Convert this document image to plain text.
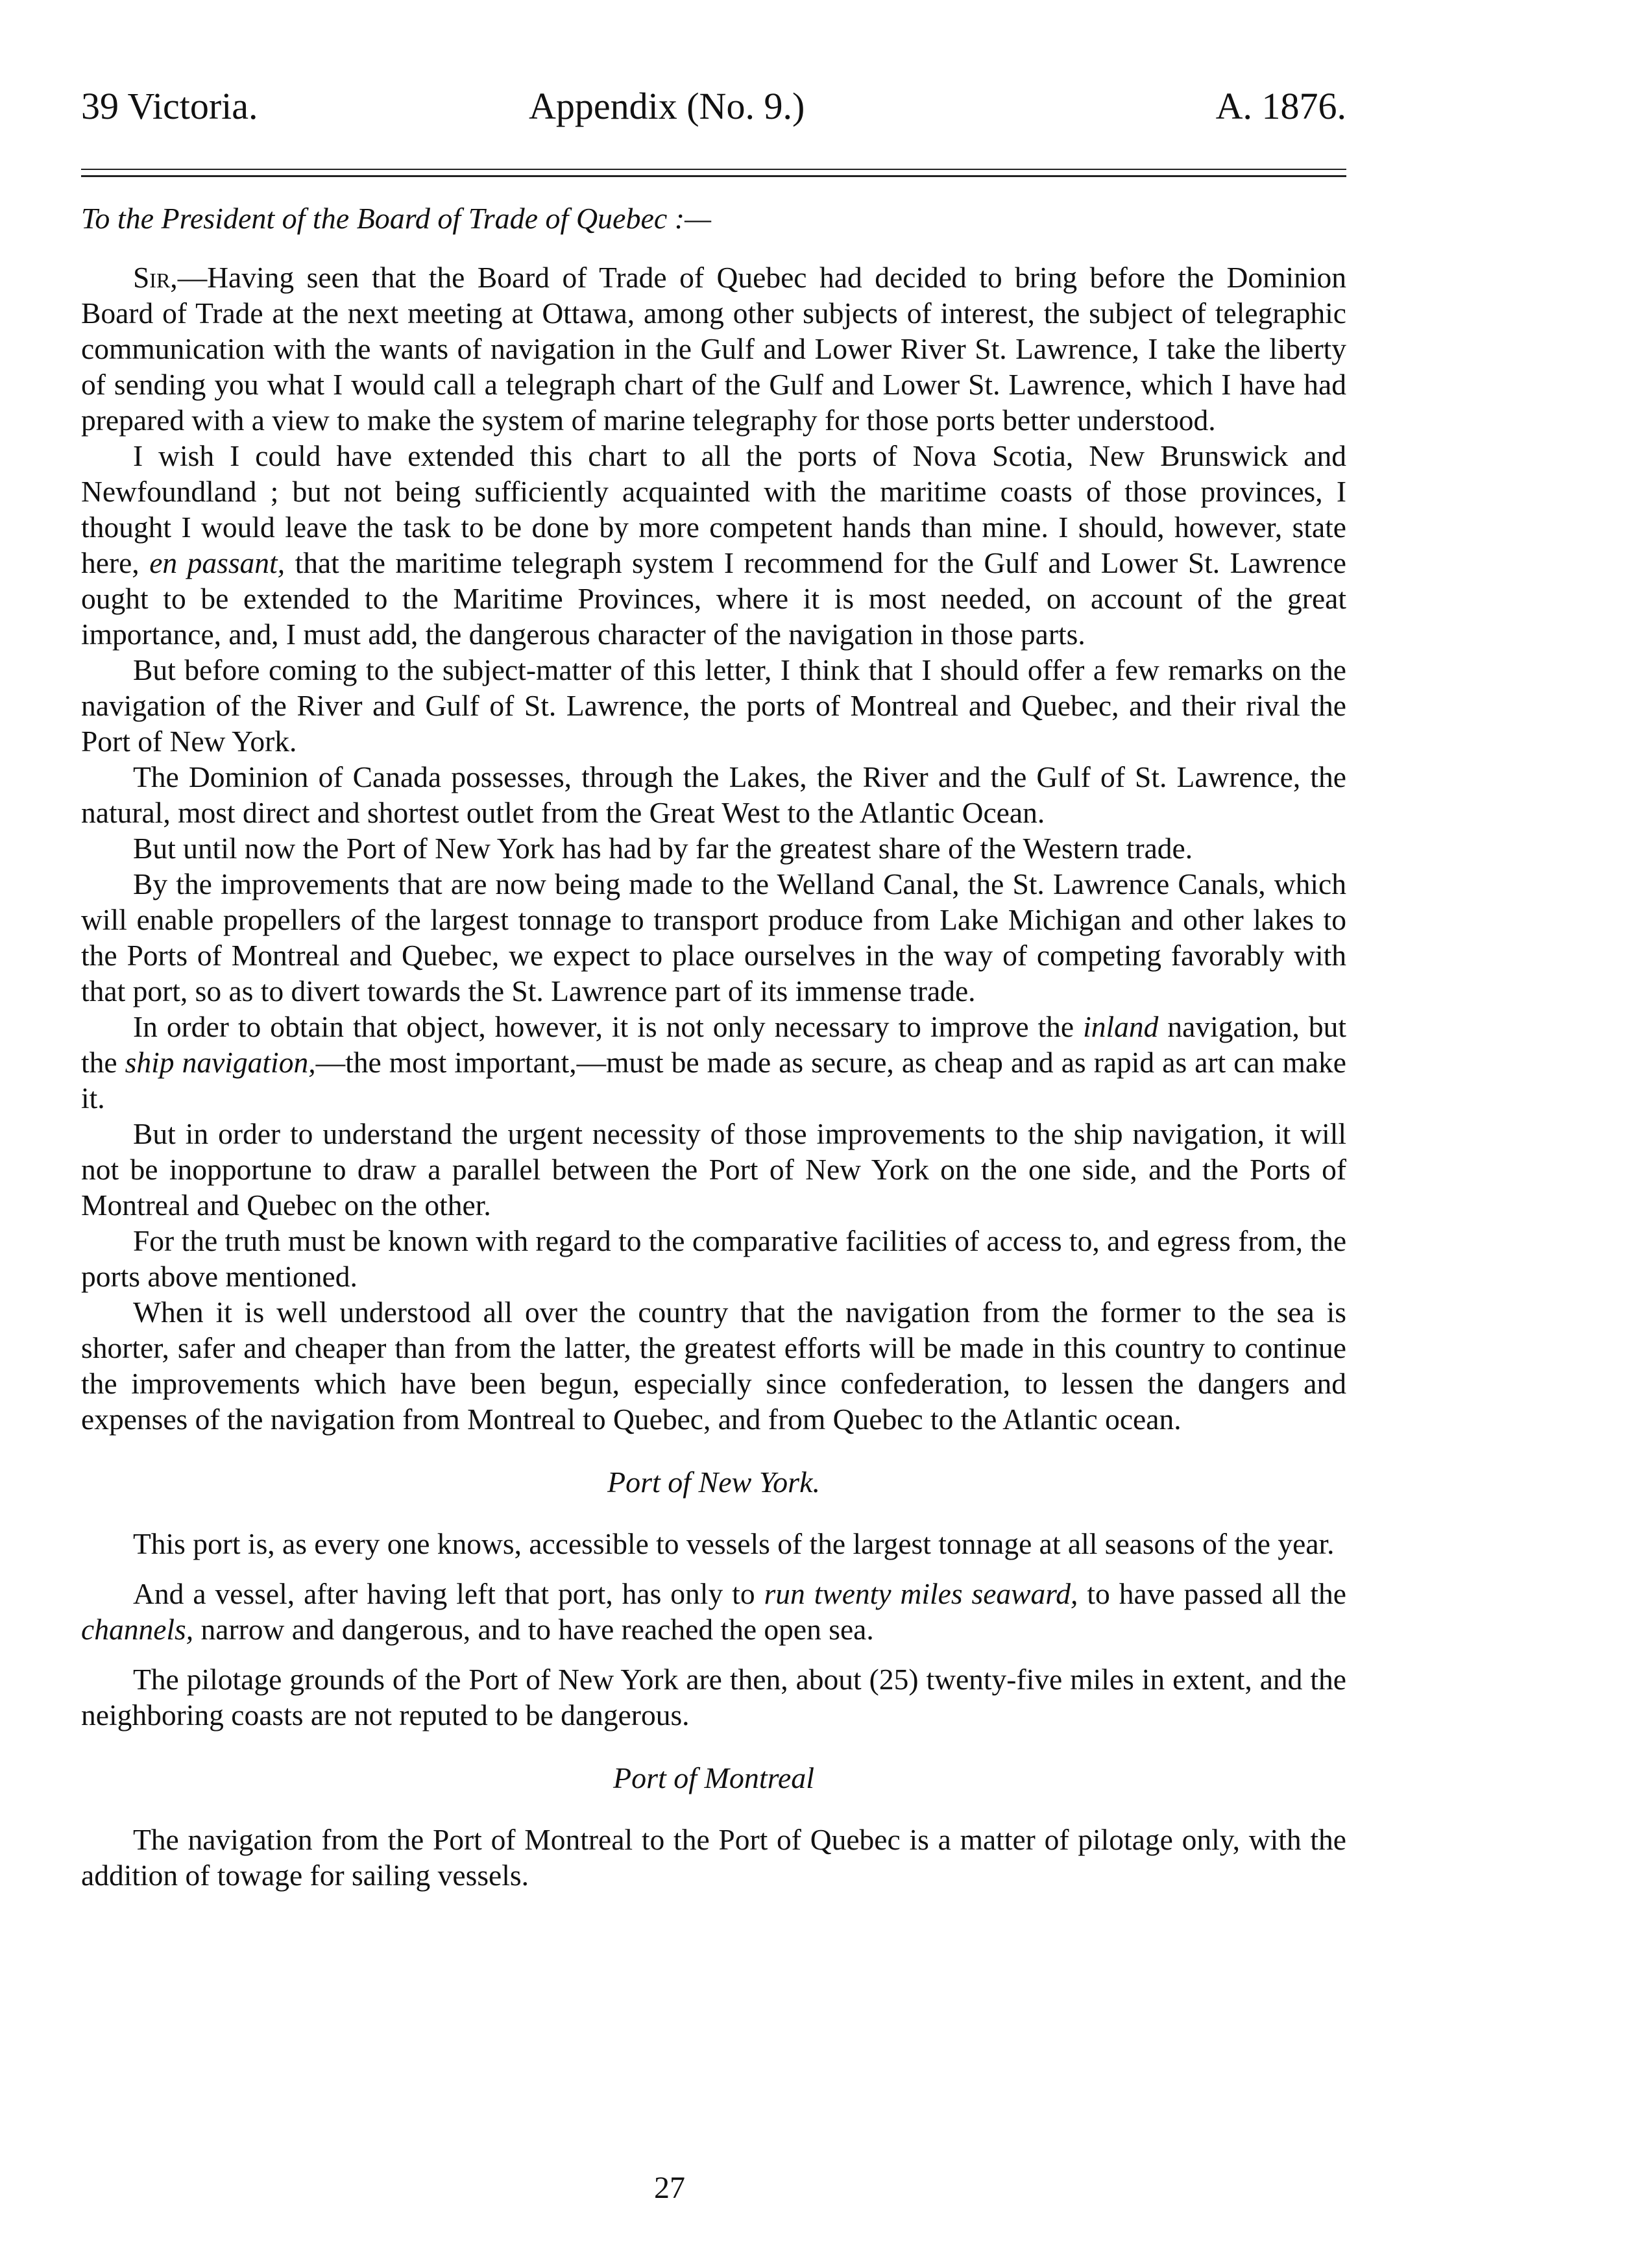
39 Victoria.	Appendix (No. 9.)	A. 1876.
To the President of the Board of Trade of Quebec :—

Sir,—Having seen that the Board of Trade of Quebec had decided to bring before the Dominion Board of Trade at the next meeting at Ottawa, among other subjects of interest, the subject of telegraphic communication with the wants of navigation in the Gulf and Lower River St. Lawrence, I take the liberty of sending you what I would call a telegraph chart of the Gulf and Lower St. Lawrence, which I have had prepared with a view to make the system of marine telegraphy for those ports better understood.

I wish I could have extended this chart to all the ports of Nova Scotia, New Brunswick and Newfoundland ; but not being sufficiently acquainted with the maritime coasts of those provinces, I thought I would leave the task to be done by more competent hands than mine. I should, however, state here, en passant, that the maritime telegraph system I recommend for the Gulf and Lower St. Lawrence ought to be extended to the Maritime Provinces, where it is most needed, on account of the great importance, and, I must add, the dangerous character of the navigation in those parts.

But before coming to the subject-matter of this letter, I think that I should offer a few remarks on the navigation of the River and Gulf of St. Lawrence, the ports of Montreal and Quebec, and their rival the Port of New York.

The Dominion of Canada possesses, through the Lakes, the River and the Gulf of St. Lawrence, the natural, most direct and shortest outlet from the Great West to the Atlantic Ocean.

But until now the Port of New York has had by far the greatest share of the Western trade.

By the improvements that are now being made to the Welland Canal, the St. Lawrence Canals, which will enable propellers of the largest tonnage to transport produce from Lake Michigan and other lakes to the Ports of Montreal and Quebec, we expect to place ourselves in the way of competing favorably with that port, so as to divert towards the St. Lawrence part of its immense trade.

In order to obtain that object, however, it is not only necessary to improve the inland navigation, but the ship navigation,—the most important,—must be made as secure, as cheap and as rapid as art can make it.

But in order to understand the urgent necessity of those improvements to the ship navigation, it will not be inopportune to draw a parallel between the Port of New York on the one side, and the Ports of Montreal and Quebec on the other.

For the truth must be known with regard to the comparative facilities of access to, and egress from, the ports above mentioned.

When it is well understood all over the country that the navigation from the former to the sea is shorter, safer and cheaper than from the latter, the greatest efforts will be made in this country to continue the improvements which have been begun, especially since confederation, to lessen the dangers and expenses of the navigation from Montreal to Quebec, and from Quebec to the Atlantic ocean.

Port of New York.

This port is, as every one knows, accessible to vessels of the largest tonnage at all seasons of the year.

And a vessel, after having left that port, has only to run twenty miles seaward, to have passed all the channels, narrow and dangerous, and to have reached the open sea.

The pilotage grounds of the Port of New York are then, about (25) twenty-five miles in extent, and the neighboring coasts are not reputed to be dangerous.

Port of Montreal

The navigation from the Port of Montreal to the Port of Quebec is a matter of pilotage only, with the addition of towage for sailing vessels.

27
